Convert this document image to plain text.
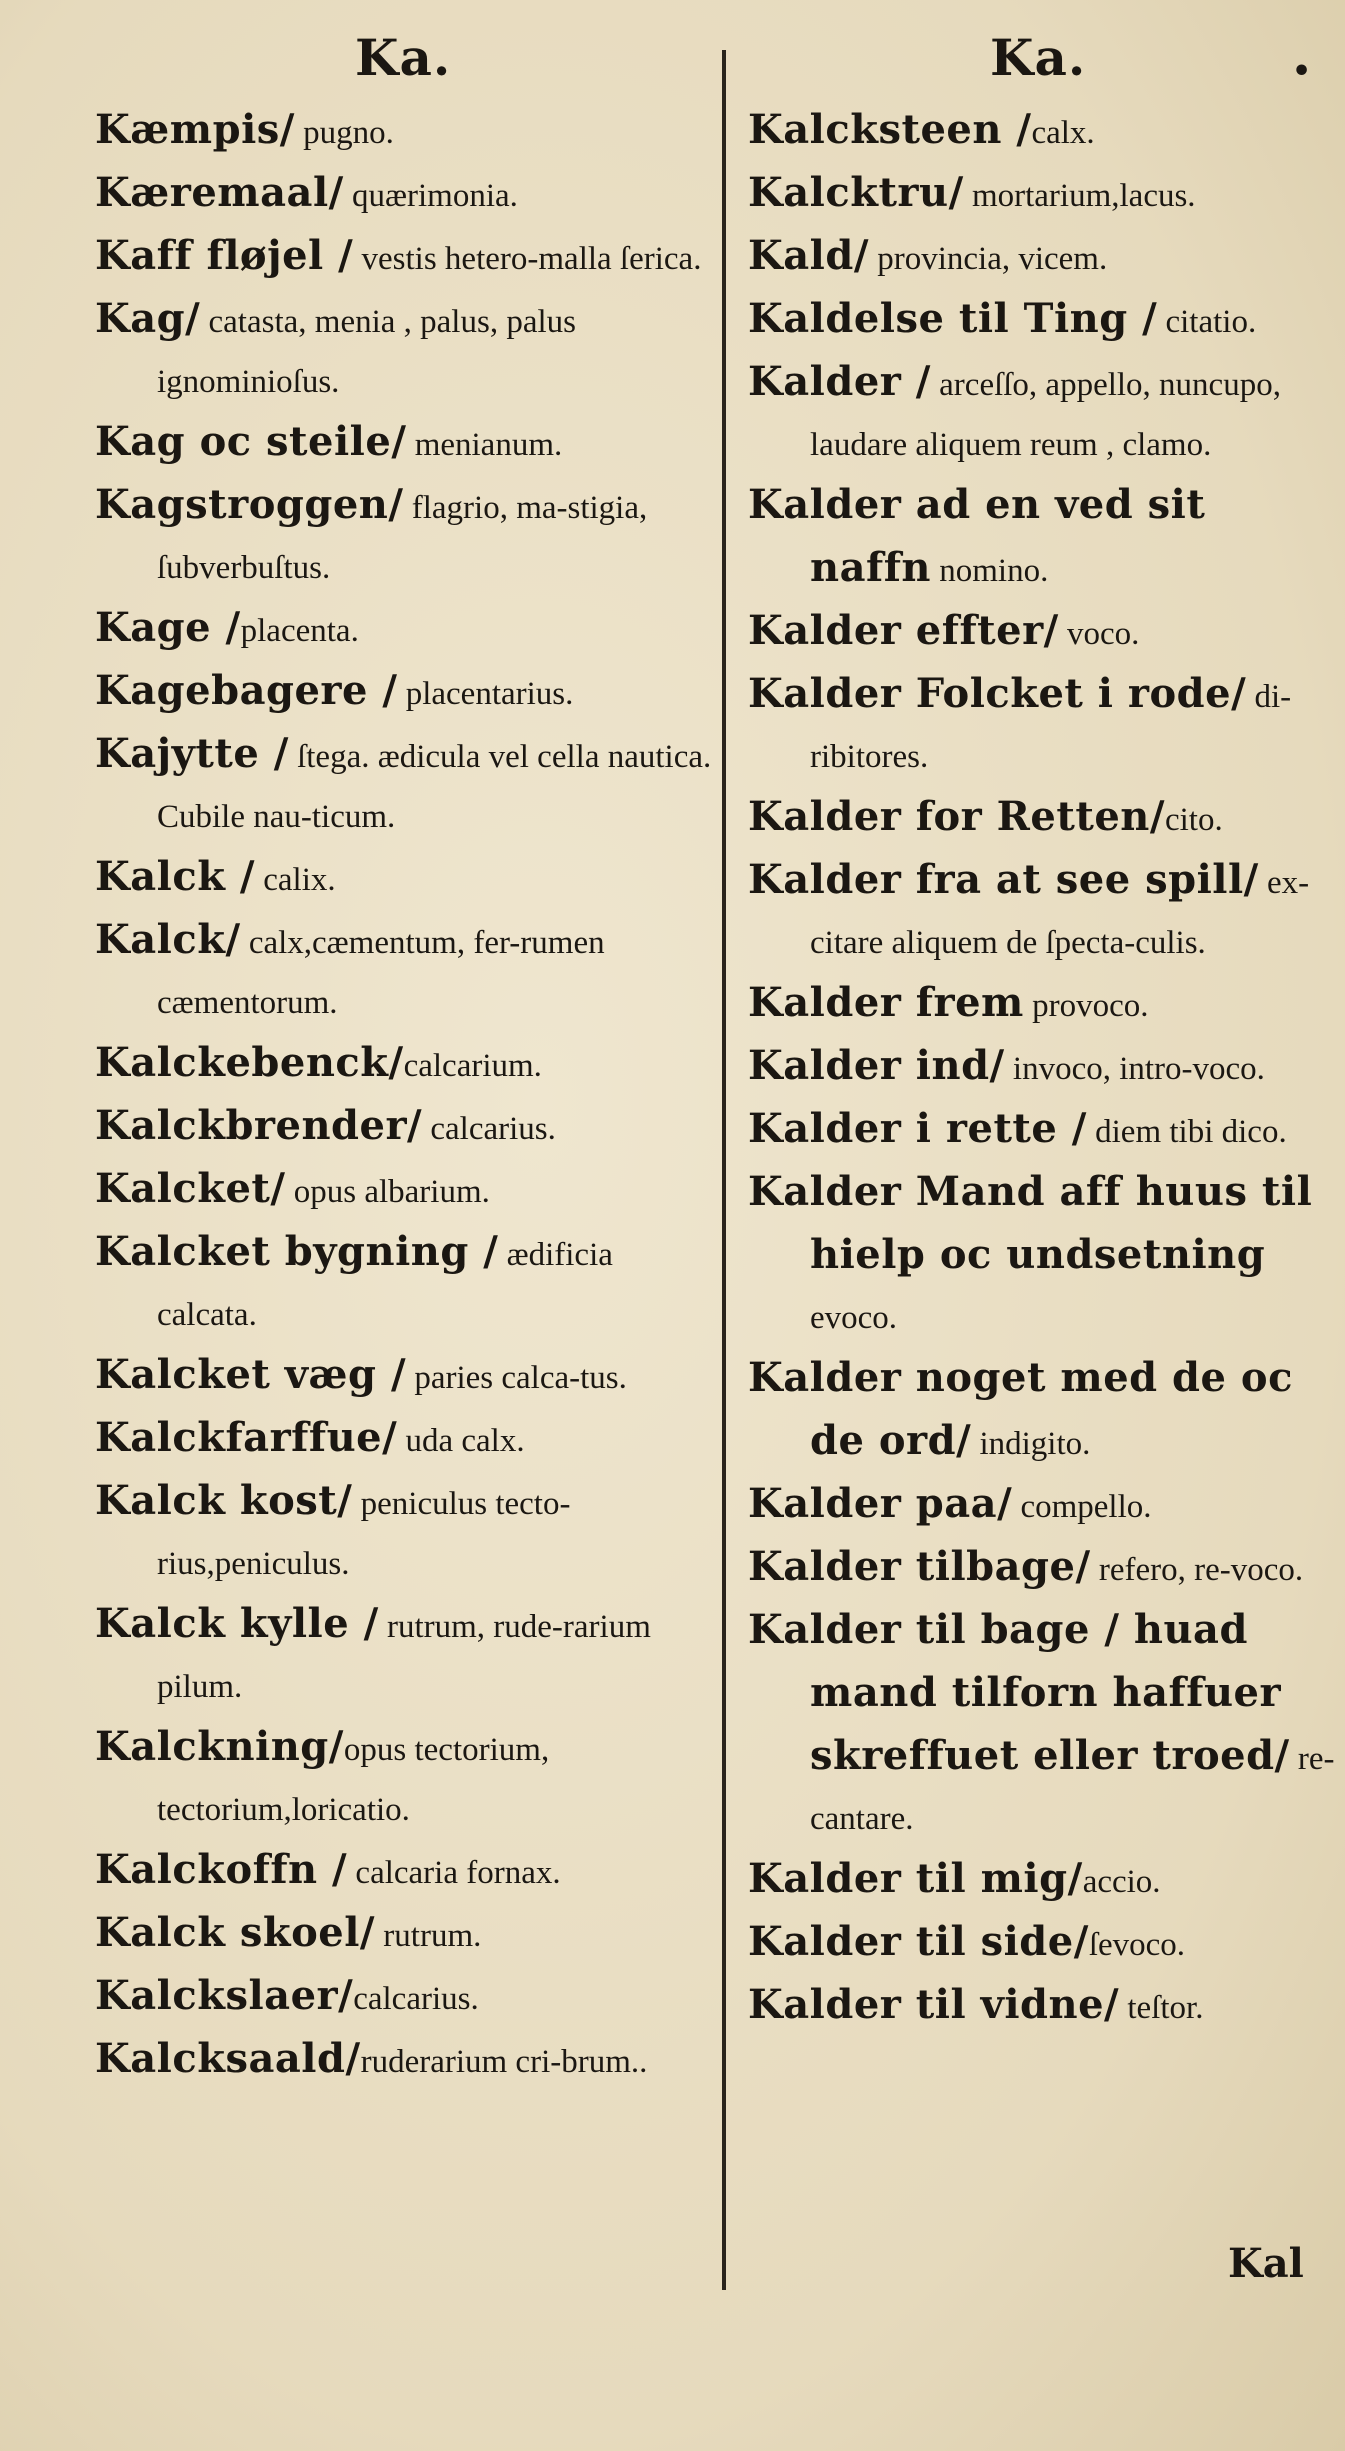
Ka.	Ka.	•

Kæmpis/ pugno.

Kæremaal/ quærimonia.

Kaff fløjel / vestis hetero-malla ſerica.

Kag/ catasta, menia , palus, palus ignominioſus.

Kag oc steile/ menianum.

Kagstroggen/ flagrio, ma-stigia, ſubverbuſtus.

Kage /placenta.

Kagebagere / placentarius.

Kajytte / ſtega. ædicula vel cella nautica. Cubile nau-ticum.

Kalck / calix.

Kalck/ calx,cæmentum, fer-rumen cæmentorum.

Kalckebenck/calcarium.

Kalckbrender/ calcarius.

Kalcket/ opus albarium.

Kalcket bygning / ædificia calcata.

Kalcket væg / paries calca-tus.

Kalckfarffue/ uda calx.

Kalck kost/ peniculus tecto-rius,peniculus.

Kalck kylle / rutrum, rude-rarium pilum.

Kalckning/opus tectorium, tectorium,loricatio.

Kalckoffn / calcaria fornax.

Kalck skoel/ rutrum.

Kalckslaer/calcarius.

Kalcksaald/ruderarium cri-brum..

Kalcksteen /calx.

Kalcktru/ mortarium,lacus.

Kald/ provincia, vicem.

Kaldelse til Ting / citatio.

Kalder / arceſſo, appello, nuncupo, laudare aliquem reum , clamo.

Kalder ad en ved sit naffn nomino.

Kalder effter/ voco.

Kalder Folcket i rode/ di-ribitores.

Kalder for Retten/cito.

Kalder fra at see spill/ ex-citare aliquem de ſpecta-culis.

Kalder frem provoco.

Kalder ind/ invoco, intro-voco.

Kalder i rette / diem tibi dico.

Kalder Mand aff huus til hielp oc undsetning evoco.

Kalder noget med de oc de ord/ indigito.

Kalder paa/ compello.

Kalder tilbage/ refero, re-voco.

Kalder til bage / huad mand tilforn haffuer skreffuet eller troed/ re-cantare.

Kalder til mig/accio.

Kalder til side/ſevoco.

Kalder til vidne/ teſtor.

Kal
